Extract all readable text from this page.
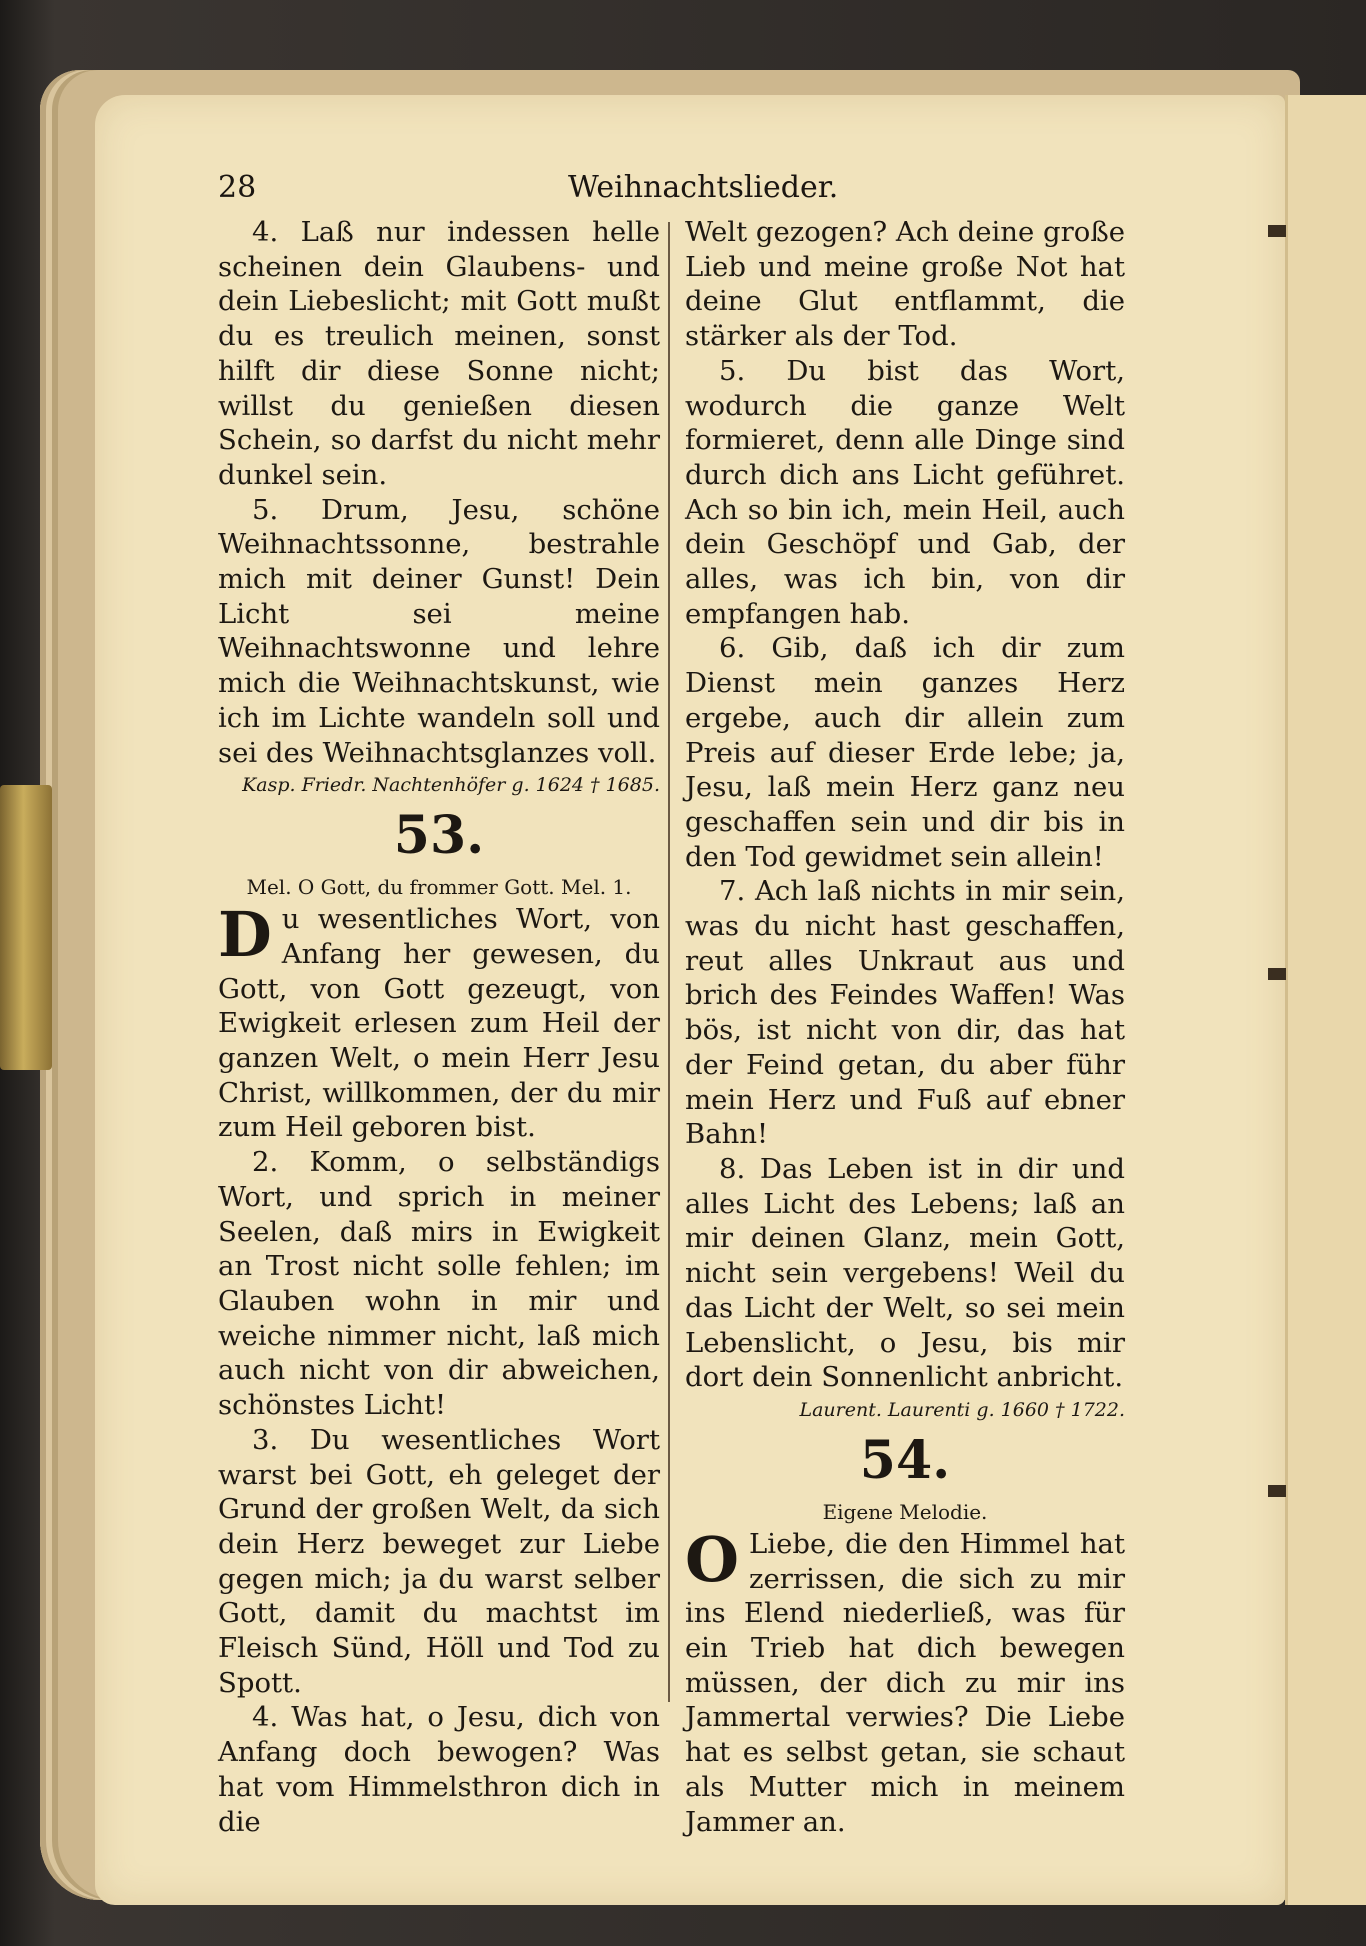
28	Weihnachtslieder.

4. Laß nur indessen helle scheinen dein Glaubens- und dein Liebeslicht; mit Gott mußt du es treulich meinen, sonst hilft dir diese Sonne nicht; willst du genießen diesen Schein, so darfst du nicht mehr dunkel sein.

5. Drum, Jesu, schöne Weihnachtssonne, bestrahle mich mit deiner Gunst! Dein Licht sei meine Weihnachtswonne und lehre mich die Weihnachtskunst, wie ich im Lichte wandeln soll und sei des Weihnachtsglanzes voll.

Kasp. Friedr. Nachtenhöfer g. 1624 † 1685.

53.

Mel. O Gott, du frommer Gott. Mel. 1.

Du wesentliches Wort, von Anfang her gewesen, du Gott, von Gott gezeugt, von Ewigkeit erlesen zum Heil der ganzen Welt, o mein Herr Jesu Christ, willkommen, der du mir zum Heil geboren bist.

2. Komm, o selbständigs Wort, und sprich in meiner Seelen, daß mirs in Ewigkeit an Trost nicht solle fehlen; im Glauben wohn in mir und weiche nimmer nicht, laß mich auch nicht von dir abweichen, schönstes Licht!

3. Du wesentliches Wort warst bei Gott, eh geleget der Grund der großen Welt, da sich dein Herz beweget zur Liebe gegen mich; ja du warst selber Gott, damit du machtst im Fleisch Sünd, Höll und Tod zu Spott.

4. Was hat, o Jesu, dich von Anfang doch bewogen? Was hat vom Himmelsthron dich in die

Welt gezogen? Ach deine große Lieb und meine große Not hat deine Glut entflammt, die stärker als der Tod.

5. Du bist das Wort, wodurch die ganze Welt formieret, denn alle Dinge sind durch dich ans Licht geführet. Ach so bin ich, mein Heil, auch dein Geschöpf und Gab, der alles, was ich bin, von dir empfangen hab.

6. Gib, daß ich dir zum Dienst mein ganzes Herz ergebe, auch dir allein zum Preis auf dieser Erde lebe; ja, Jesu, laß mein Herz ganz neu geschaffen sein und dir bis in den Tod gewidmet sein allein!

7. Ach laß nichts in mir sein, was du nicht hast geschaffen, reut alles Unkraut aus und brich des Feindes Waffen! Was bös, ist nicht von dir, das hat der Feind getan, du aber führ mein Herz und Fuß auf ebner Bahn!

8. Das Leben ist in dir und alles Licht des Lebens; laß an mir deinen Glanz, mein Gott, nicht sein vergebens! Weil du das Licht der Welt, so sei mein Lebenslicht, o Jesu, bis mir dort dein Sonnenlicht anbricht.

Laurent. Laurenti g. 1660 † 1722.

54.

Eigene Melodie.

O Liebe, die den Himmel hat zerrissen, die sich zu mir ins Elend niederließ, was für ein Trieb hat dich bewegen müssen, der dich zu mir ins Jammertal verwies? Die Liebe hat es selbst getan, sie schaut als Mutter mich in meinem Jammer an.
